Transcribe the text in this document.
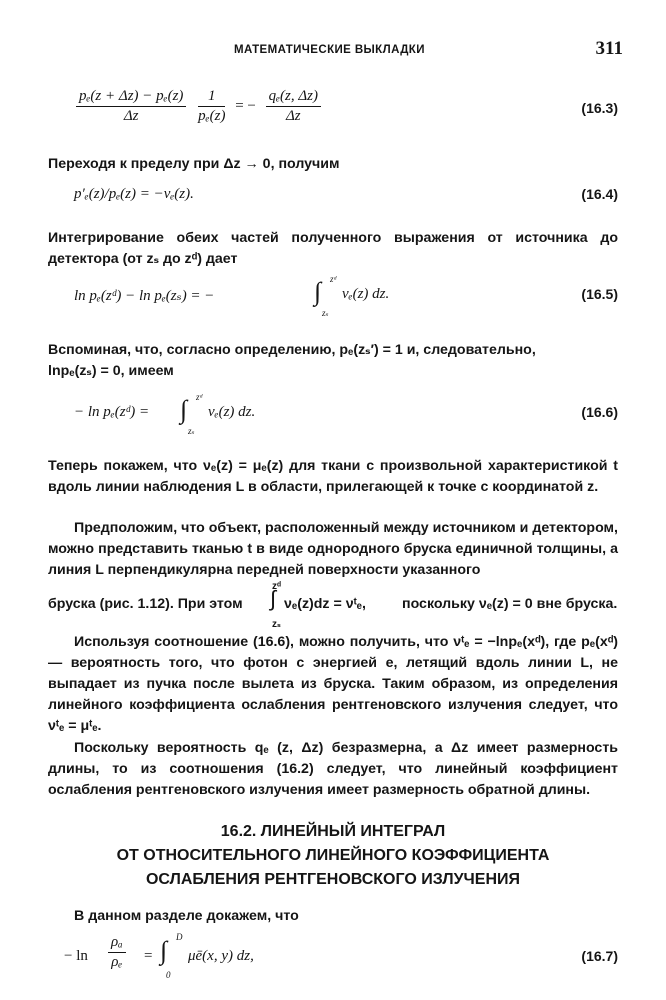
МАТЕМАТИЧЕСКИЕ ВЫКЛАДКИ	311
$\frac{\text{pₑ(z + Δz) − pₑ(z)}}{\Delta z}$
$\frac{1}{\text{pₑ(z)}}$ = − $\frac{\text{qₑ(z, Δz)}}{\Delta z}$	(16.3)
Переходя к пределу при Δz → 0, получим
p′ₑ(z)/pₑ(z) = −νₑ(z).	(16.4)
Интегрирование обеих частей полученного выражения от источника до детектора (от zₛ до zᵈ) дает
ln pₑ(zᵈ) − ln pₑ(zₛ) = −	∫ zᵈ
zₛ
νₑ(z) dz.	(16.5)
Вспоминая, что, согласно определению, pₑ(zₛ′) = 1 и, следовательно,
lnpₑ(zₛ) = 0, имеем
− ln pₑ(zᵈ) = ∫ zᵈ
zₛ
νₑ(z) dz.	(16.6)
Теперь покажем, что νₑ(z) = μₑ(z) для ткани с произвольной характеристикой t вдоль линии наблюдения L в области, прилегающей к точке с координатой z.
Предположим, что объект, расположенный между источником и детектором, можно представить тканью t в виде однородного бруска единичной толщины, а линия L перпендикулярна передней поверхности указанного
бруска (рис. 1.12). При этом ∫
zᵈ
zₛ
νₑ(z)dz = νᵗₑ,	поскольку νₑ(z) = 0 вне бруска.
Используя соотношение (16.6), можно получить, что νᵗₑ = −lnpₑ(xᵈ), где pₑ(xᵈ) — вероятность того, что фотон с энергией e, летящий вдоль линии L, не выпадает из пучка после вылета из бруска. Таким образом, из определения линейного коэффициента ослабления рентгеновского излучения следует, что νᵗₑ = μᵗₑ.
Поскольку вероятность qₑ (z, Δz) безразмерна, а Δz имеет размерность длины, то из соотношения (16.2) следует, что линейный коэффициент ослабления рентгеновского излучения имеет размерность обратной длины.
16.2. ЛИНЕЙНЫЙ ИНТЕГРАЛ
ОТ ОТНОСИТЕЛЬНОГО ЛИНЕЙНОГО КОЭФФИЦИЕНТА
ОСЛАБЛЕНИЯ РЕНТГЕНОВСКОГО ИЗЛУЧЕНИЯ
В данном разделе докажем, что
− $\ln \frac{\text{ρₐ}}{\text{ρₑ}}$ = ∫ D
0
μē(x, y) dz,	(16.7)
